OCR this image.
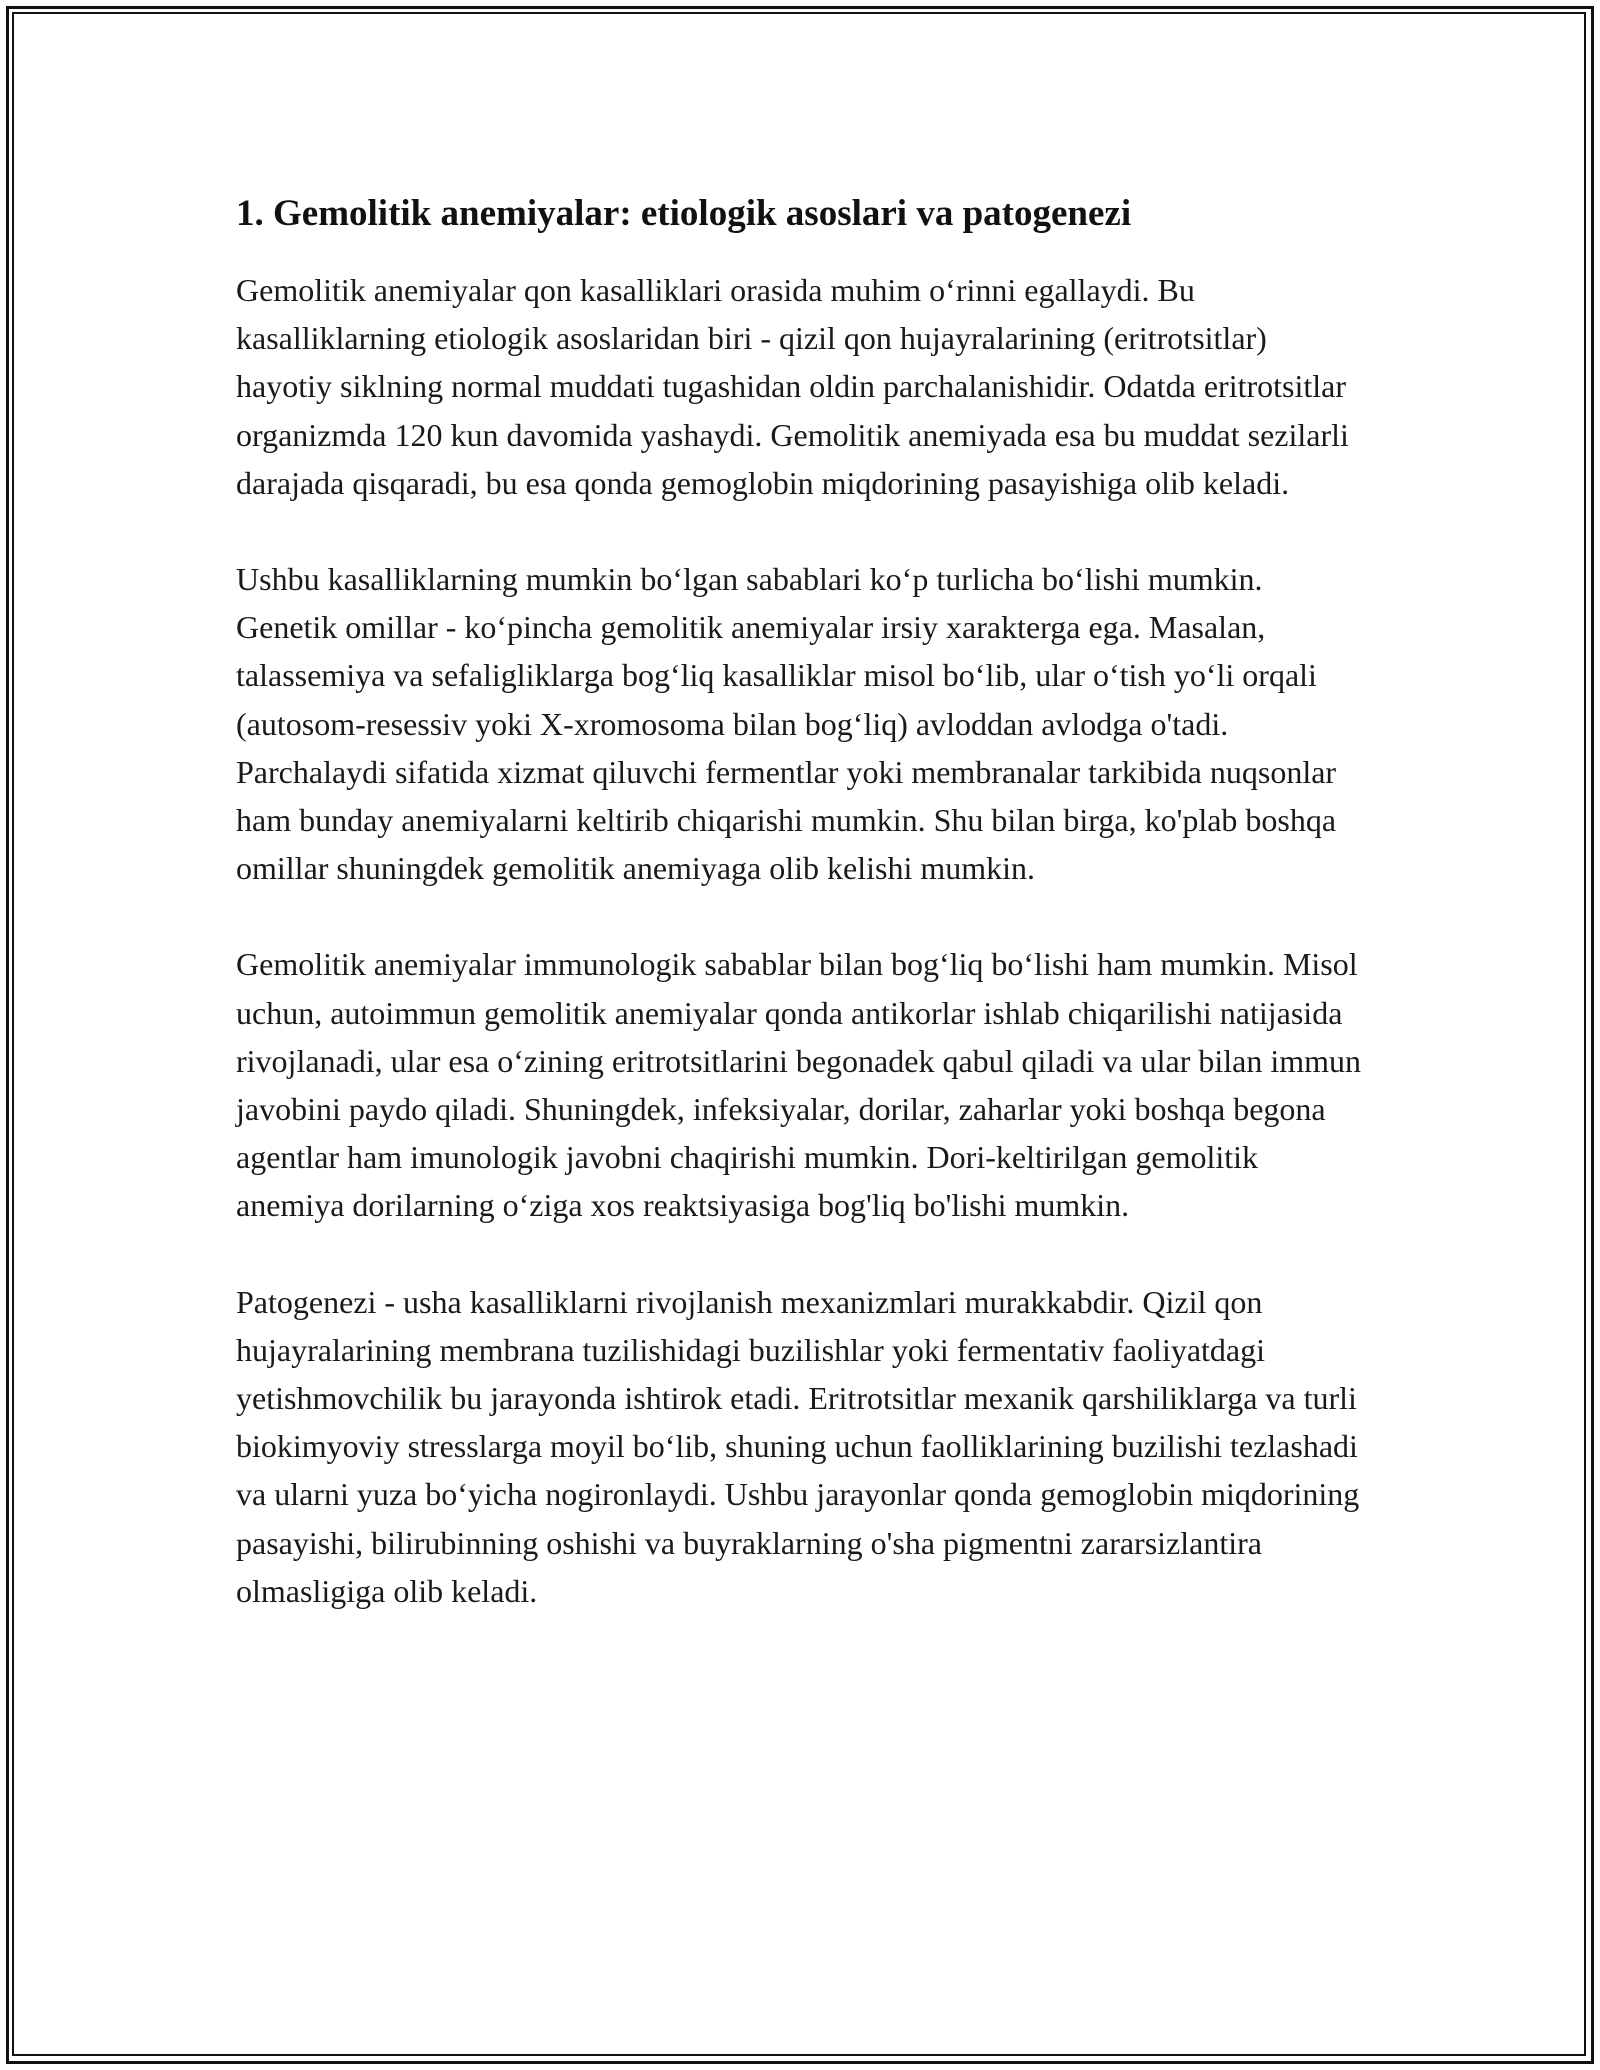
1. Gemolitik anemiyalar: etiologik asoslari va patogenezi

Gemolitik anemiyalar qon kasalliklari orasida muhim o‘rinni egallaydi. Bu kasalliklarning etiologik asoslaridan biri - qizil qon hujayralarining (eritrotsitlar) hayotiy siklning normal muddati tugashidan oldin parchalanishidir. Odatda eritrotsitlar organizmda 120 kun davomida yashaydi. Gemolitik anemiyada esa bu muddat sezilarli darajada qisqaradi, bu esa qonda gemoglobin miqdorining pasayishiga olib keladi.

Ushbu kasalliklarning mumkin bo‘lgan sabablari ko‘p turlicha bo‘lishi mumkin. Genetik omillar - ko‘pincha gemolitik anemiyalar irsiy xarakterga ega. Masalan, talassemiya va sefaligliklarga bog‘liq kasalliklar misol bo‘lib, ular o‘tish yo‘li orqali (autosom-resessiv yoki X-xromosoma bilan bog‘liq) avloddan avlodga o'tadi. Parchalaydi sifatida xizmat qiluvchi fermentlar yoki membranalar tarkibida nuqsonlar ham bunday anemiyalarni keltirib chiqarishi mumkin. Shu bilan birga, ko'plab boshqa omillar shuningdek gemolitik anemiyaga olib kelishi mumkin.

Gemolitik anemiyalar immunologik sabablar bilan bog‘liq bo‘lishi ham mumkin. Misol uchun, autoimmun gemolitik anemiyalar qonda antikorlar ishlab chiqarilishi natijasida rivojlanadi, ular esa o‘zining eritrotsitlarini begonadek qabul qiladi va ular bilan immun javobini paydo qiladi. Shuningdek, infeksiyalar, dorilar, zaharlar yoki boshqa begona agentlar ham imunologik javobni chaqirishi mumkin. Dori-keltirilgan gemolitik anemiya dorilarning o‘ziga xos reaktsiyasiga bog'liq bo'lishi mumkin.

Patogenezi - usha kasalliklarni rivojlanish mexanizmlari murakkabdir. Qizil qon hujayralarining membrana tuzilishidagi buzilishlar yoki fermentativ faoliyatdagi yetishmovchilik bu jarayonda ishtirok etadi. Eritrotsitlar mexanik qarshiliklarga va turli biokimyoviy stresslarga moyil bo‘lib, shuning uchun faolliklarining buzilishi tezlashadi va ularni yuza bo‘yicha nogironlaydi. Ushbu jarayonlar qonda gemoglobin miqdorining pasayishi, bilirubinning oshishi va buyraklarning o'sha pigmentni zararsizlantira olmasligiga olib keladi.
